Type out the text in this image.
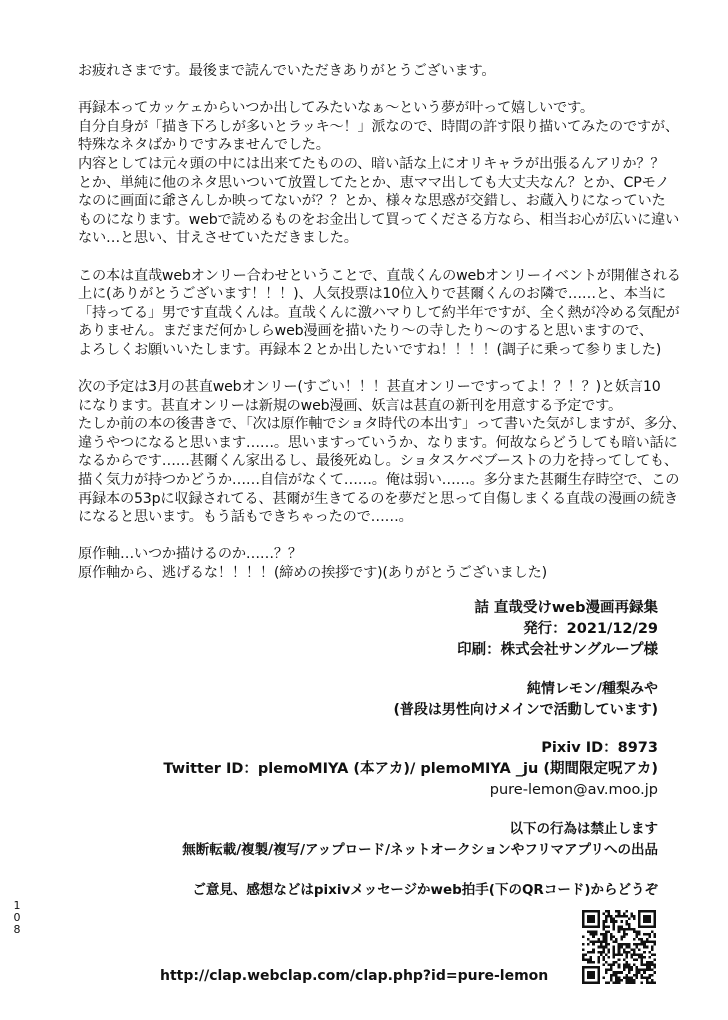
お疲れさまです。最後まで読んでいただきありがとうございます。
再録本ってカッケェからいつか出してみたいなぁ～という夢が叶って嬉しいです。
自分自身が「描き下ろしが多いとラッキ～！」派なので、時間の許す限り描いてみたのですが、
特殊なネタばかりですみませんでした。
内容としては元々頭の中には出来てたものの、暗い話な上にオリキャラが出張るんアリか？？
とか、単純に他のネタ思いついて放置してたとか、恵ママ出しても大丈夫なん？とか、CPモノ
なのに画面に爺さんしか映ってないが？？とか、様々な思惑が交錯し、お蔵入りになっていた
ものになります。webで読めるものをお金出して買ってくださる方なら、相当お心が広いに違い
ない…と思い、甘えさせていただきました。
この本は直哉webオンリー合わせということで、直哉くんのwebオンリーイベントが開催される
上に(ありがとうございます！！！)、人気投票は10位入りで甚爾くんのお隣で……と、本当に
「持ってる」男です直哉くんは。直哉くんに激ハマりして約半年ですが、全く熱が冷める気配が
ありません。まだまだ何かしらweb漫画を描いたり～の寺したり～のすると思いますので、
よろしくお願いいたします。再録本２とか出したいですね！！！！(調子に乗って参りました)
次の予定は3月の甚直webオンリー(すごい！！！甚直オンリーですってよ！？！？)と妖言10
になります。甚直オンリーは新規のweb漫画、妖言は甚直の新刊を用意する予定です。
たしか前の本の後書きで、「次は原作軸でショタ時代の本出す」って書いた気がしますが、多分、
違うやつになると思います……。思いますっていうか、なります。何故ならどうしても暗い話に
なるからです……甚爾くん家出るし、最後死ぬし。ショタスケベブーストの力を持ってしても、
描く気力が持つかどうか……自信がなくて……。俺は弱い……。多分また甚爾生存時空で、この
再録本の53pに収録されてる、甚爾が生きてるのを夢だと思って自傷しまくる直哉の漫画の続き
になると思います。もう話もできちゃったので……。
原作軸…いつか描けるのか……？？
原作軸から、逃げるな！！！！(締めの挨拶です)(ありがとうございました)
詰 直哉受けweb漫画再録集
発行：2021/12/29
印刷：株式会社サングループ様
純情レモン/種梨みや
(普段は男性向けメインで活動しています)
Pixiv ID：8973
Twitter ID：plemoMIYA (本アカ)/ plemoMIYA _ju (期間限定呪アカ)
pure-lemon@av.moo.jp
以下の行為は禁止します
無断転載/複製/複写/アップロード/ネットオークションやフリマアプリへの出品
ご意見、感想などはpixivメッセージかweb拍手(下のQRコード)からどうぞ
http://clap.webclap.com/clap.php?id=pure-lemon
1
0
8
